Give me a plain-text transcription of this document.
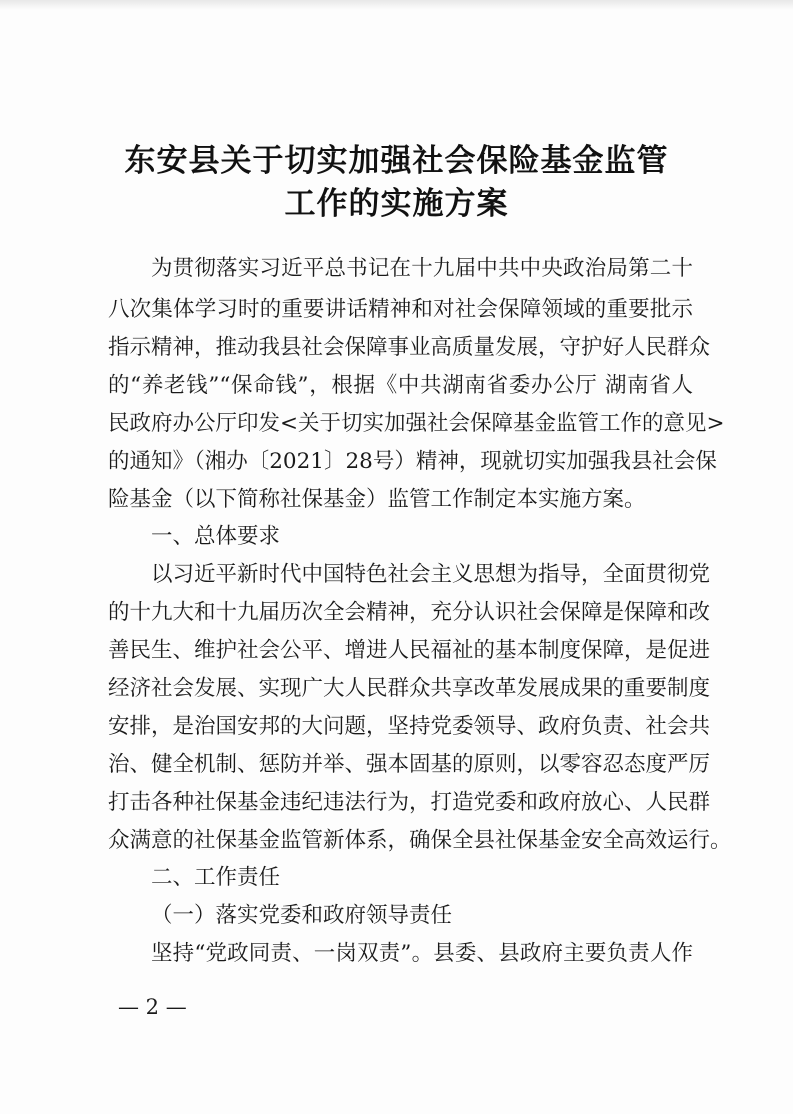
东安县关于切实加强社会保险基金监管
工作的实施方案
为贯彻落实习近平总书记在十九届中共中央政治局第二十
八次集体学习时的重要讲话精神和对社会保障领域的重要批示
指示精神，推动我县社会保障事业高质量发展，守护好人民群众
的“养老钱”“保命钱”，根据《中共湖南省委办公厅 湖南省人
民政府办公厅印发<关于切实加强社会保障基金监管工作的意见>
的通知》（湘办〔2021〕28号）精神，现就切实加强我县社会保
险基金（以下简称社保基金）监管工作制定本实施方案。
一、总体要求
以习近平新时代中国特色社会主义思想为指导，全面贯彻党
的十九大和十九届历次全会精神，充分认识社会保障是保障和改
善民生、维护社会公平、增进人民福祉的基本制度保障，是促进
经济社会发展、实现广大人民群众共享改革发展成果的重要制度
安排，是治国安邦的大问题，坚持党委领导、政府负责、社会共
治、健全机制、惩防并举、强本固基的原则，以零容忍态度严厉
打击各种社保基金违纪违法行为，打造党委和政府放心、人民群
众满意的社保基金监管新体系，确保全县社保基金安全高效运行。
二、工作责任
（一）落实党委和政府领导责任
坚持“党政同责、一岗双责”。县委、县政府主要负责人作
— 2 —
